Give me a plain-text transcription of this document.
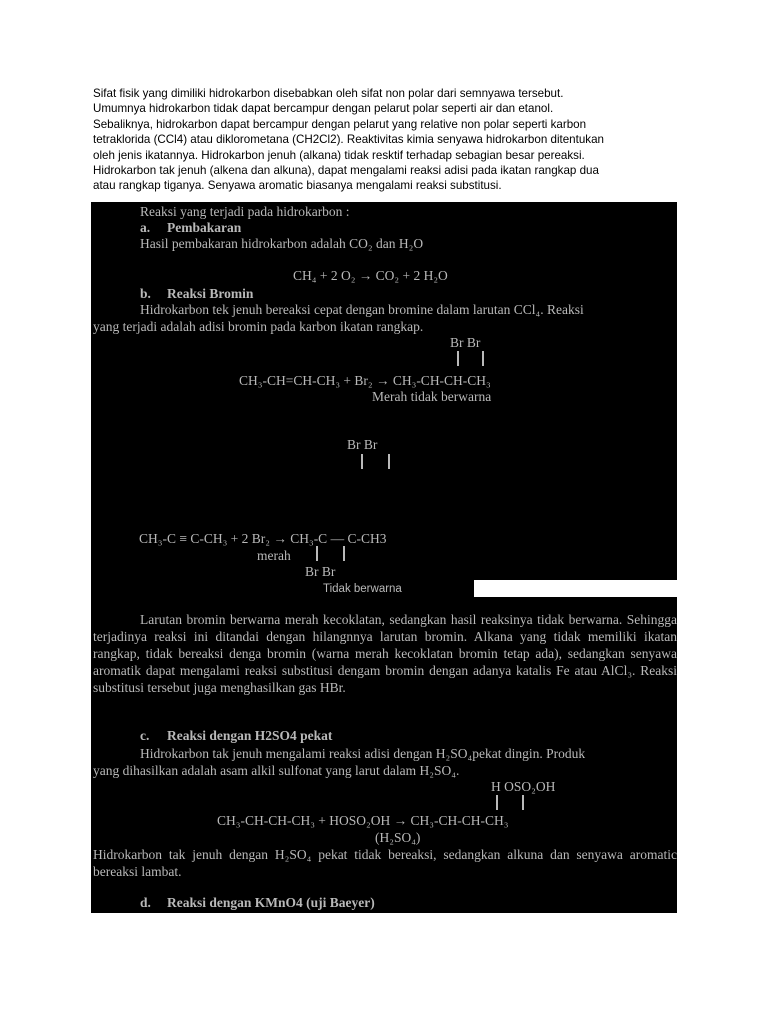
Sifat fisik yang dimiliki hidrokarbon disebabkan oleh sifat non polar dari semnyawa tersebut.
Umumnya hidrokarbon tidak dapat bercampur dengan pelarut polar seperti air dan etanol.
Sebaliknya, hidrokarbon dapat bercampur dengan pelarut yang relative non polar seperti karbon
tetraklorida (CCl4) atau diklorometana (CH2Cl2). Reaktivitas kimia senyawa hidrokarbon ditentukan
oleh jenis ikatannya. Hidrokarbon jenuh (alkana) tidak resktif terhadap sebagian besar pereaksi.
Hidrokarbon tak jenuh (alkena dan alkuna), dapat mengalami reaksi adisi pada ikatan rangkap dua
atau rangkap tiganya. Senyawa aromatic biasanya mengalami reaksi substitusi.
Reaksi yang terjadi pada hidrokarbon :
a. Pembakaran
Hasil pembakaran hidrokarbon adalah CO₂ dan H₂O
CH₄ + 2 O₂ → CO₂ + 2 H₂O
b. Reaksi Bromin
Hidrokarbon tek jenuh bereaksi cepat dengan bromine dalam larutan CCl₄. Reaksi
yang terjadi adalah adisi bromin pada karbon ikatan rangkap.
Br Br
CH₃-CH=CH-CH₃ + Br₂ → CH₃-CH-CH-CH₃
Merah tidak berwarna
Br Br
CH₃-C ≡ C-CH₃ + 2 Br₂ → CH₃-C — C-CH3
merah
Br Br
Tidak berwarna
Larutan bromin berwarna merah kecoklatan, sedangkan hasil reaksinya tidak berwarna. Sehingga terjadinya reaksi ini ditandai dengan hilangnnya larutan bromin. Alkana yang tidak memiliki ikatan rangkap, tidak bereaksi denga bromin (warna merah kecoklatan bromin tetap ada), sedangkan senyawa aromatik dapat mengalami reaksi substitusi dengam bromin dengan adanya katalis Fe atau AlCl₃. Reaksi substitusi tersebut juga menghasilkan gas HBr.
c. Reaksi dengan H2SO4 pekat
Hidrokarbon tak jenuh mengalami reaksi adisi dengan H₂SO₄pekat dingin. Produk
yang dihasilkan adalah asam alkil sulfonat yang larut dalam H₂SO₄.
H OSO₂OH
CH₃-CH-CH-CH₃ + HOSO₂OH → CH₃-CH-CH-CH₃
(H₂SO₄)
Hidrokarbon tak jenuh dengan H₂SO₄ pekat tidak bereaksi, sedangkan alkuna dan senyawa aromatic bereaksi lambat.
d. Reaksi dengan KMnO4 (uji Baeyer)
